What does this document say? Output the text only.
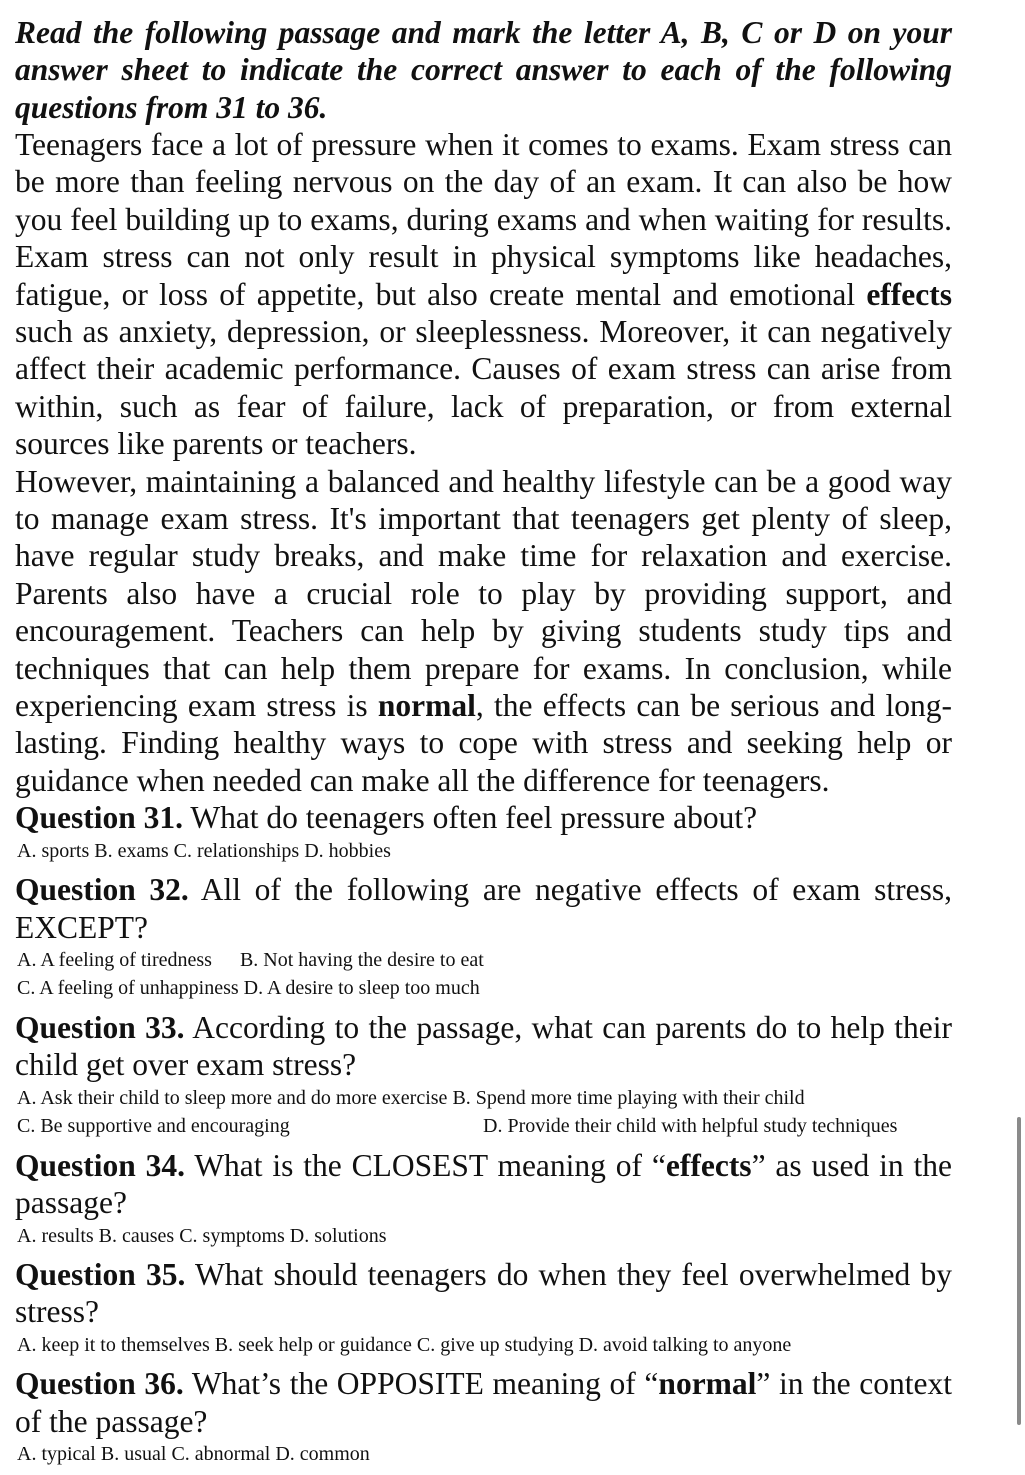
Read the following passage and mark the letter A, B, C or D on your answer sheet to indicate the correct answer to each of the following questions from 31 to 36.

Teenagers face a lot of pressure when it comes to exams. Exam stress can be more than feeling nervous on the day of an exam. It can also be how you feel building up to exams, during exams and when waiting for results. Exam stress can not only result in physical symptoms like headaches, fatigue, or loss of appetite, but also create mental and emotional effects such as anxiety, depression, or sleeplessness. Moreover, it can negatively affect their academic performance. Causes of exam stress can arise from within, such as fear of failure, lack of preparation, or from external sources like parents or teachers.

However, maintaining a balanced and healthy lifestyle can be a good way to manage exam stress. It's important that teenagers get plenty of sleep, have regular study breaks, and make time for relaxation and exercise. Parents also have a crucial role to play by providing support, and encouragement. Teachers can help by giving students study tips and techniques that can help them prepare for exams. In conclusion, while experiencing exam stress is normal, the effects can be serious and long-lasting. Finding healthy ways to cope with stress and seeking help or guidance when needed can make all the difference for teenagers.

Question 31. What do teenagers often feel pressure about?

A. sports B. exams C. relationships D. hobbies

Question 32. All of the following are negative effects of exam stress, EXCEPT?

A. A feeling of tiredness B. Not having the desire to eat
C. A feeling of unhappiness D. A desire to sleep too much

Question 33. According to the passage, what can parents do to help their child get over exam stress?

A. Ask their child to sleep more and do more exercise B. Spend more time playing with their child
C. Be supportive and encouraging	D. Provide their child with helpful study techniques

Question 34. What is the CLOSEST meaning of “effects” as used in the passage?

A. results B. causes C. symptoms D. solutions

Question 35. What should teenagers do when they feel overwhelmed by stress?

A. keep it to themselves B. seek help or guidance C. give up studying D. avoid talking to anyone

Question 36. What’s the OPPOSITE meaning of “normal” in the context of the passage?

A. typical B. usual C. abnormal D. common
